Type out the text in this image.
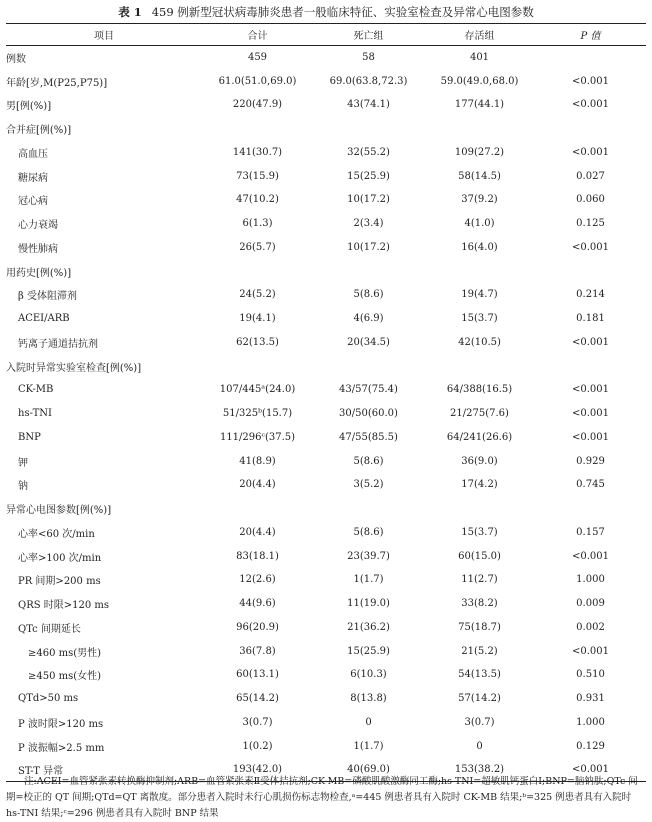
表 1 459 例新型冠状病毒肺炎患者一般临床特征、实验室检查及异常心电图参数
项目	合计	死亡组	存活组	P 值
例数	459	58	401	
年龄[岁,M(P25,P75)]	61.0(51.0,69.0)	69.0(63.8,72.3)	59.0(49.0,68.0)	<0.001
男[例(%)]	220(47.9)	43(74.1)	177(44.1)	<0.001
合并症[例(%)]				
高血压	141(30.7)	32(55.2)	109(27.2)	<0.001
糖尿病	73(15.9)	15(25.9)	58(14.5)	0.027
冠心病	47(10.2)	10(17.2)	37(9.2)	0.060
心力衰竭	6(1.3)	2(3.4)	4(1.0)	0.125
慢性肺病	26(5.7)	10(17.2)	16(4.0)	<0.001
用药史[例(%)]				
β 受体阻滞剂	24(5.2)	5(8.6)	19(4.7)	0.214
ACEI/ARB	19(4.1)	4(6.9)	15(3.7)	0.181
钙离子通道拮抗剂	62(13.5)	20(34.5)	42(10.5)	<0.001
入院时异常实验室检查[例(%)]				
CK-MB	107/445ᵃ(24.0)	43/57(75.4)	64/388(16.5)	<0.001
hs-TNI	51/325ᵇ(15.7)	30/50(60.0)	21/275(7.6)	<0.001
BNP	111/296ᶜ(37.5)	47/55(85.5)	64/241(26.6)	<0.001
钾	41(8.9)	5(8.6)	36(9.0)	0.929
钠	20(4.4)	3(5.2)	17(4.2)	0.745
异常心电图参数[例(%)]				
心率<60 次/min	20(4.4)	5(8.6)	15(3.7)	0.157
心率>100 次/min	83(18.1)	23(39.7)	60(15.0)	<0.001
PR 间期>200 ms	12(2.6)	1(1.7)	11(2.7)	1.000
QRS 时限>120 ms	44(9.6)	11(19.0)	33(8.2)	0.009
QTc 间期延长	96(20.9)	21(36.2)	75(18.7)	0.002
≥460 ms(男性)	36(7.8)	15(25.9)	21(5.2)	<0.001
≥450 ms(女性)	60(13.1)	6(10.3)	54(13.5)	0.510
QTd>50 ms	65(14.2)	8(13.8)	57(14.2)	0.931
P 波时限>120 ms	3(0.7)	0	3(0.7)	1.000
P 波振幅>2.5 mm	1(0.2)	1(1.7)	0	0.129
ST-T 异常	193(42.0)	40(69.0)	153(38.2)	<0.001
注:ACEI=血管紧张素转换酶抑制剂;ARB=血管紧张素Ⅱ受体拮抗剂;CK-MB=磷酸肌酸激酶同工酶;hs-TNI=超敏肌钙蛋白Ⅰ;BNP=脑钠肽;QTc 间期=校正的 QT 间期;QTd=QT 离散度。部分患者入院时未行心肌损伤标志物检查,ᵃ=445 例患者具有入院时 CK-MB 结果;ᵇ=325 例患者具有入院时 hs-TNI 结果;ᶜ=296 例患者具有入院时 BNP 结果
